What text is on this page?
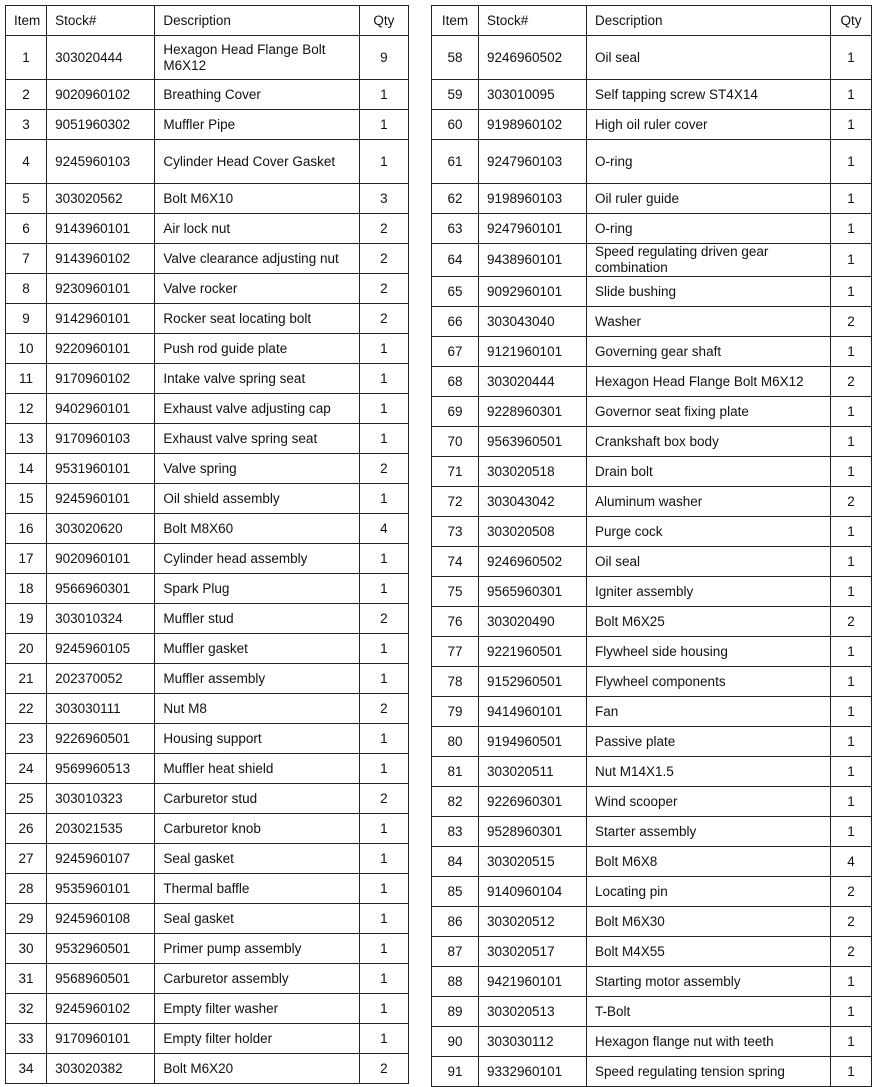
Item	Stock#	Description	Qty
1	303020444	Hexagon Head Flange Bolt M6X12	9
2	9020960102	Breathing Cover	1
3	9051960302	Muffler Pipe	1
4	9245960103	Cylinder Head Cover Gasket	1
5	303020562	Bolt M6X10	3
6	9143960101	Air lock nut	2
7	9143960102	Valve clearance adjusting nut	2
8	9230960101	Valve rocker	2
9	9142960101	Rocker seat locating bolt	2
10	9220960101	Push rod guide plate	1
11	9170960102	Intake valve spring seat	1
12	9402960101	Exhaust valve adjusting cap	1
13	9170960103	Exhaust valve spring seat	1
14	9531960101	Valve spring	2
15	9245960101	Oil shield assembly	1
16	303020620	Bolt M8X60	4
17	9020960101	Cylinder head assembly	1
18	9566960301	Spark Plug	1
19	303010324	Muffler stud	2
20	9245960105	Muffler gasket	1
21	202370052	Muffler assembly	1
22	303030111	Nut M8	2
23	9226960501	Housing support	1
24	9569960513	Muffler heat shield	1
25	303010323	Carburetor stud	2
26	203021535	Carburetor knob	1
27	9245960107	Seal gasket	1
28	9535960101	Thermal baffle	1
29	9245960108	Seal gasket	1
30	9532960501	Primer pump assembly	1
31	9568960501	Carburetor assembly	1
32	9245960102	Empty filter washer	1
33	9170960101	Empty filter holder	1
34	303020382	Bolt M6X20	2
Item	Stock#	Description	Qty
58	9246960502	Oil seal	1
59	303010095	Self tapping screw ST4X14	1
60	9198960102	High oil ruler cover	1
61	9247960103	O-ring	1
62	9198960103	Oil ruler guide	1
63	9247960101	O-ring	1
64	9438960101	Speed regulating driven gear combination	1
65	9092960101	Slide bushing	1
66	303043040	Washer	2
67	9121960101	Governing gear shaft	1
68	303020444	Hexagon Head Flange Bolt M6X12	2
69	9228960301	Governor seat fixing plate	1
70	9563960501	Crankshaft box body	1
71	303020518	Drain bolt	1
72	303043042	Aluminum washer	2
73	303020508	Purge cock	1
74	9246960502	Oil seal	1
75	9565960301	Igniter assembly	1
76	303020490	Bolt M6X25	2
77	9221960501	Flywheel side housing	1
78	9152960501	Flywheel components	1
79	9414960101	Fan	1
80	9194960501	Passive plate	1
81	303020511	Nut M14X1.5	1
82	9226960301	Wind scooper	1
83	9528960301	Starter assembly	1
84	303020515	Bolt M6X8	4
85	9140960104	Locating pin	2
86	303020512	Bolt M6X30	2
87	303020517	Bolt M4X55	2
88	9421960101	Starting motor assembly	1
89	303020513	T-Bolt	1
90	303030112	Hexagon flange nut with teeth	1
91	9332960101	Speed regulating tension spring	1
